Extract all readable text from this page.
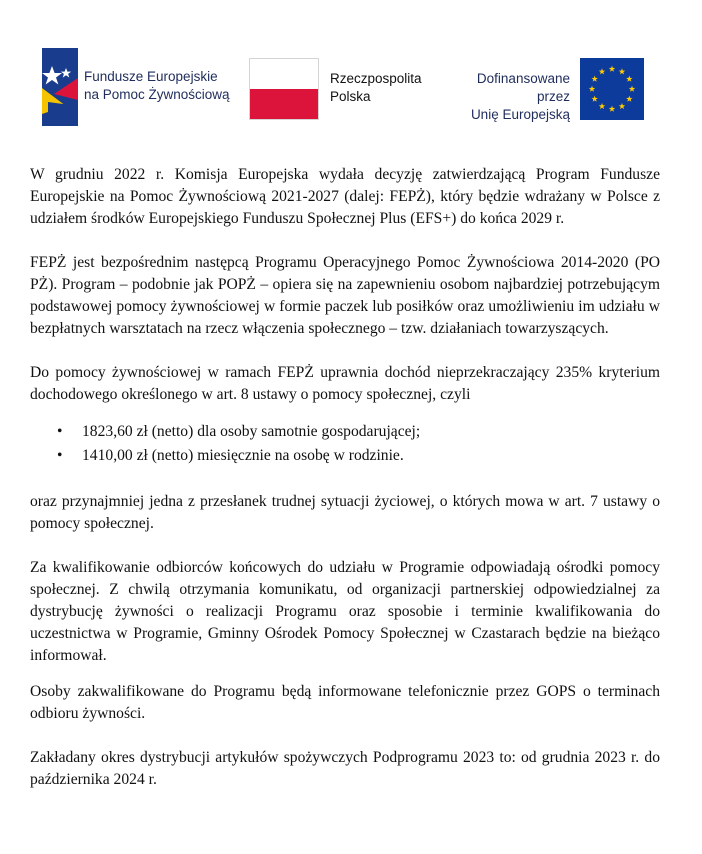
Fundusze Europejskie
na Pomoc Żywnościową
Rzeczpospolita
Polska
Dofinansowane przez
Unię Europejską

W grudniu 2022 r. Komisja Europejska wydała decyzję zatwierdzającą Program Fundusze Europejskie na Pomoc Żywnościową 2021-2027 (dalej: FEPŻ), który będzie wdrażany w Polsce z udziałem środków Europejskiego Funduszu Społecznej Plus (EFS+) do końca 2029 r.

FEPŻ jest bezpośrednim następcą Programu Operacyjnego Pomoc Żywnościowa 2014-2020 (PO PŻ). Program – podobnie jak POPŻ – opiera się na zapewnieniu osobom najbardziej potrzebującym podstawowej pomocy żywnościowej w formie paczek lub posiłków oraz umożliwieniu im udziału w bezpłatnych warsztatach na rzecz włączenia społecznego – tzw. działaniach towarzyszących.

Do pomocy żywnościowej w ramach FEPŻ uprawnia dochód nieprzekraczający 235% kryterium dochodowego określonego w art. 8 ustawy o pomocy społecznej, czyli

• 1823,60 zł (netto) dla osoby samotnie gospodarującej;
• 1410,00 zł (netto) miesięcznie na osobę w rodzinie.

oraz przynajmniej jedna z przesłanek trudnej sytuacji życiowej, o których mowa w art. 7 ustawy o pomocy społecznej.

Za kwalifikowanie odbiorców końcowych do udziału w Programie odpowiadają ośrodki pomocy społecznej. Z chwilą otrzymania komunikatu, od organizacji partnerskiej odpowiedzialnej za dystrybucję żywności o realizacji Programu oraz sposobie i terminie kwalifikowania do uczestnictwa w Programie, Gminny Ośrodek Pomocy Społecznej w Czastarach będzie na bieżąco informował.

Osoby zakwalifikowane do Programu będą informowane telefonicznie przez GOPS o terminach odbioru żywności.

Zakładany okres dystrybucji artykułów spożywczych Podprogramu 2023 to: od grudnia 2023 r. do października 2024 r.
